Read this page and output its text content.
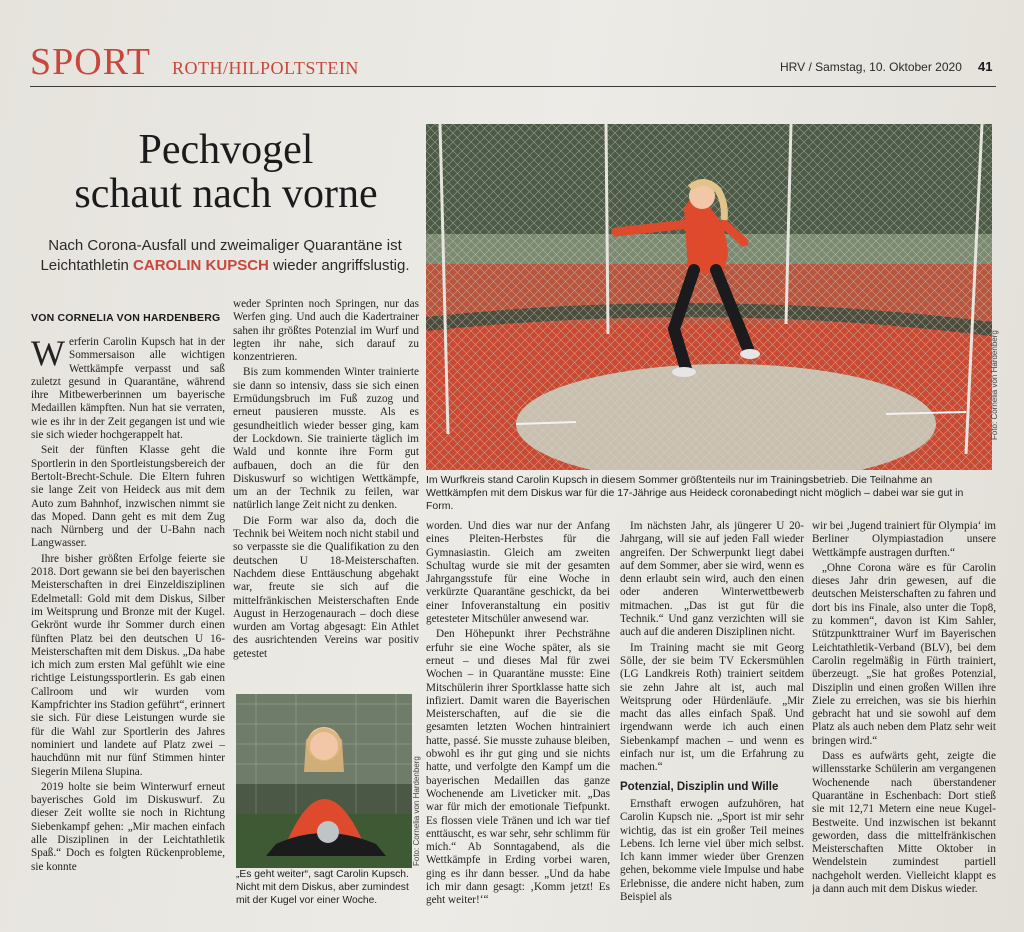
SPORT ROTH/HILPOLTSTEIN	HRV / Samstag, 10. Oktober 2020 41
Pechvogel
schaut nach vorne
Nach Corona-Ausfall und zweimaliger Quarantäne ist Leichtathletin CAROLIN KUPSCH wieder angriffslustig.
VON CORNELIA VON HARDENBERG
Foto: Cornelia von Hardenberg
Im Wurfkreis stand Carolin Kupsch in diesem Sommer größtenteils nur im Trainingsbetrieb. Die Teilnahme an Wettkämpfen mit dem Diskus war für die 17-Jährige aus Heideck coronabedingt nicht möglich – dabei war sie gut in Form.
Foto: Cornelia von Hardenberg
„Es geht weiter“, sagt Carolin Kupsch. Nicht mit dem Diskus, aber zumindest mit der Kugel vor einer Woche.

Werferin Carolin Kupsch hat in der Sommersaison alle wichtigen Wettkämpfe verpasst und saß zuletzt gesund in Quarantäne, während ihre Mitbewerberinnen um bayerische Medaillen kämpften. Nun hat sie verraten, wie es ihr in der Zeit gegangen ist und wie sie sich wieder hochgerappelt hat.

Seit der fünften Klasse geht die Sportlerin in den Sportleistungsbereich der Bertolt-Brecht-Schule. Die Eltern fuhren sie lange Zeit von Heideck aus mit dem Auto zum Bahnhof, inzwischen nimmt sie das Moped. Dann geht es mit dem Zug nach Nürnberg und der U-Bahn nach Langwasser.

Ihre bisher größten Erfolge feierte sie 2018. Dort gewann sie bei den bayerischen Meisterschaften in drei Einzeldisziplinen Edelmetall: Gold mit dem Diskus, Silber im Weitsprung und Bronze mit der Kugel. Gekrönt wurde ihr Sommer durch einen fünften Platz bei den deutschen U 16-Meisterschaften mit dem Diskus. „Da habe ich mich zum ersten Mal gefühlt wie eine richtige Leistungssportlerin. Es gab einen Callroom und wir wurden vom Kampfrichter ins Stadion geführt“, erinnert sie sich. Für diese Leistungen wurde sie für die Wahl zur Sportlerin des Jahres nominiert und landete auf Platz zwei – hauchdünn mit nur fünf Stimmen hinter Siegerin Milena Slupina.

2019 holte sie beim Winterwurf erneut bayerisches Gold im Diskuswurf. Zu dieser Zeit wollte sie noch in Richtung Siebenkampf gehen: „Mir machen einfach alle Disziplinen in der Leichtathletik Spaß.“ Doch es folgten Rückenprobleme, sie konnte

weder Sprinten noch Springen, nur das Werfen ging. Und auch die Kadertrainer sahen ihr größtes Potenzial im Wurf und legten ihr nahe, sich darauf zu konzentrieren.

Bis zum kommenden Winter trainierte sie dann so intensiv, dass sie sich einen Ermüdungsbruch im Fuß zuzog und erneut pausieren musste. Als es gesundheitlich wieder besser ging, kam der Lockdown. Sie trainierte täglich im Wald und konnte ihre Form gut aufbauen, doch an die für den Diskuswurf so wichtigen Wettkämpfe, um an der Technik zu feilen, war natürlich lange Zeit nicht zu denken.

Die Form war also da, doch die Technik bei Weitem noch nicht stabil und so verpasste sie die Qualifikation zu den deutschen U 18-Meisterschaften. Nachdem diese Enttäuschung abgehakt war, freute sie sich auf die mittelfränkischen Meisterschaften Ende August in Herzogenaurach – doch diese wurden am Vortag abgesagt: Ein Athlet des ausrichtenden Vereins war positiv getestet

worden. Und dies war nur der Anfang eines Pleiten-Herbstes für die Gymnasiastin. Gleich am zweiten Schultag wurde sie mit der gesamten Jahrgangsstufe für eine Woche in verkürzte Quarantäne geschickt, da bei einer Infoveranstaltung ein positiv getesteter Mitschüler anwesend war.

Den Höhepunkt ihrer Pechsträhne erfuhr sie eine Woche später, als sie erneut – und dieses Mal für zwei Wochen – in Quarantäne musste: Eine Mitschülerin ihrer Sportklasse hatte sich infiziert. Damit waren die Bayerischen Meisterschaften, auf die sie die gesamten letzten Wochen hintrainiert hatte, passé. Sie musste zuhause bleiben, obwohl es ihr gut ging und sie nichts hatte, und verfolgte den Kampf um die bayerischen Medaillen das ganze Wochenende am Liveticker mit. „Das war für mich der emotionale Tiefpunkt. Es flossen viele Tränen und ich war tief enttäuscht, es war sehr, sehr schlimm für mich.“ Ab Sonntagabend, als die Wettkämpfe in Erding vorbei waren, ging es ihr dann besser. „Und da habe ich mir dann gesagt: ‚Komm jetzt! Es geht weiter!‘“

Im nächsten Jahr, als jüngerer U 20-Jahrgang, will sie auf jeden Fall wieder angreifen. Der Schwerpunkt liegt dabei auf dem Sommer, aber sie wird, wenn es denn erlaubt sein wird, auch den einen oder anderen Winterwettbewerb mitmachen. „Das ist gut für die Technik.“ Und ganz verzichten will sie auch auf die anderen Disziplinen nicht.

Im Training macht sie mit Georg Sölle, der sie beim TV Eckersmühlen (LG Landkreis Roth) trainiert seitdem sie zehn Jahre alt ist, auch mal Weitsprung oder Hürdenläufe. „Mir macht das alles einfach Spaß. Und irgendwann werde ich auch einen Siebenkampf machen – und wenn es einfach nur ist, um die Erfahrung zu machen.“

Potenzial, Disziplin und Wille

Ernsthaft erwogen aufzuhören, hat Carolin Kupsch nie. „Sport ist mir sehr wichtig, das ist ein großer Teil meines Lebens. Ich lerne viel über mich selbst. Ich kann immer wieder über Grenzen gehen, bekomme viele Impulse und habe Erlebnisse, die andere nicht haben, zum Beispiel als

wir bei ‚Jugend trainiert für Olympia‘ im Berliner Olympiastadion unsere Wettkämpfe austragen durften.“

„Ohne Corona wäre es für Carolin dieses Jahr drin gewesen, auf die deutschen Meisterschaften zu fahren und dort bis ins Finale, also unter die Top8, zu kommen“, davon ist Kim Sahler, Stützpunkttrainer Wurf im Bayerischen Leichtathletik-Verband (BLV), bei dem Carolin regelmäßig in Fürth trainiert, überzeugt. „Sie hat großes Potenzial, Disziplin und einen großen Willen ihre Ziele zu erreichen, was sie bis hierhin gebracht hat und sie sowohl auf dem Platz als auch neben dem Platz sehr weit bringen wird.“

Dass es aufwärts geht, zeigte die willensstarke Schülerin am vergangenen Wochenende nach überstandener Quarantäne in Eschenbach: Dort stieß sie mit 12,71 Metern eine neue Kugel-Bestweite. Und inzwischen ist bekannt geworden, dass die mittelfränkischen Meisterschaften Mitte Oktober in Wendelstein zumindest partiell nachgeholt werden. Vielleicht klappt es ja dann auch mit dem Diskus wieder.
